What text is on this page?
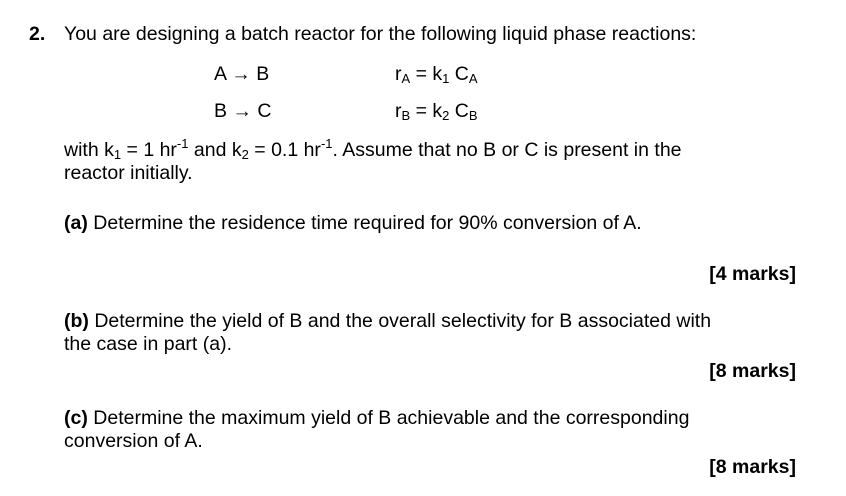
2. You are designing a batch reactor for the following liquid phase reactions:
A → B	$r_A = k_1$ $C_A$
B → C	$r_B = k_2$ $C_B$
with $k_1 = 1$ $hr^{-1}$ and $k_2 = 0.1$ $hr^{-1}$. Assume that no B or C is present in the
reactor initially.
(a) Determine the residence time required for 90% conversion of A.
[4 marks]
(b) Determine the yield of B and the overall selectivity for B associated with
the case in part (a).
[8 marks]
(c) Determine the maximum yield of B achievable and the corresponding
conversion of A.
[8 marks]
